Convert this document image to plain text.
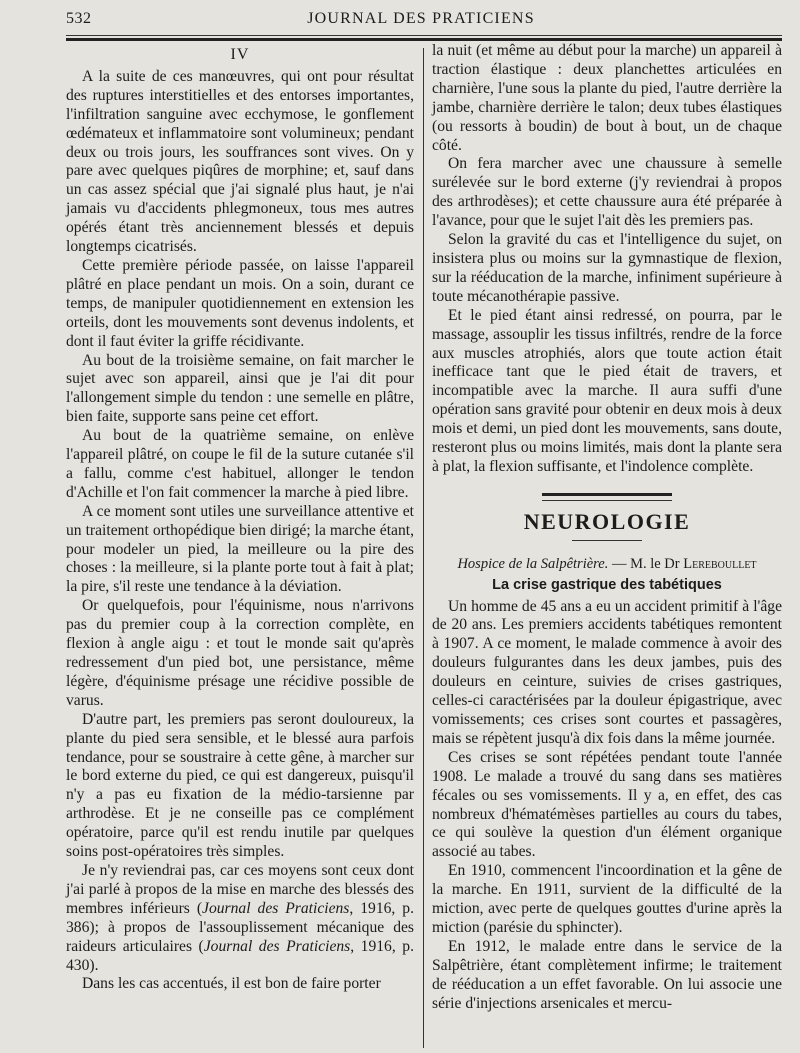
532	JOURNAL DES PRATICIENS
IV

A la suite de ces manœuvres, qui ont pour résultat des ruptures interstitielles et des entorses importantes, l'infiltration sanguine avec ecchymose, le gonflement œdémateux et inflammatoire sont volumineux; pendant deux ou trois jours, les souffrances sont vives. On y pare avec quelques piqûres de morphine; et, sauf dans un cas assez spécial que j'ai signalé plus haut, je n'ai jamais vu d'accidents phlegmoneux, tous mes autres opérés étant très anciennement blessés et depuis longtemps cicatrisés.

Cette première période passée, on laisse l'appareil plâtré en place pendant un mois. On a soin, durant ce temps, de manipuler quotidiennement en extension les orteils, dont les mouvements sont devenus indolents, et dont il faut éviter la griffe récidivante.

Au bout de la troisième semaine, on fait marcher le sujet avec son appareil, ainsi que je l'ai dit pour l'allongement simple du tendon : une semelle en plâtre, bien faite, supporte sans peine cet effort.

Au bout de la quatrième semaine, on enlève l'appareil plâtré, on coupe le fil de la suture cutanée s'il a fallu, comme c'est habituel, allonger le tendon d'Achille et l'on fait commencer la marche à pied libre.

A ce moment sont utiles une surveillance attentive et un traitement orthopédique bien dirigé; la marche étant, pour modeler un pied, la meilleure ou la pire des choses : la meilleure, si la plante porte tout à fait à plat; la pire, s'il reste une tendance à la déviation.

Or quelquefois, pour l'équinisme, nous n'arrivons pas du premier coup à la correction complète, en flexion à angle aigu : et tout le monde sait qu'après redressement d'un pied bot, une persistance, même légère, d'équinisme présage une récidive possible de varus.

D'autre part, les premiers pas seront douloureux, la plante du pied sera sensible, et le blessé aura parfois tendance, pour se soustraire à cette gêne, à marcher sur le bord externe du pied, ce qui est dangereux, puisqu'il n'y a pas eu fixation de la médio-tarsienne par arthrodèse. Et je ne conseille pas ce complément opératoire, parce qu'il est rendu inutile par quelques soins post-opératoires très simples.

Je n'y reviendrai pas, car ces moyens sont ceux dont j'ai parlé à propos de la mise en marche des blessés des membres inférieurs (Journal des Praticiens, 1916, p. 386); à propos de l'assouplissement mécanique des raideurs articulaires (Journal des Praticiens, 1916, p. 430).

Dans les cas accentués, il est bon de faire porter

la nuit (et même au début pour la marche) un appareil à traction élastique : deux planchettes articulées en charnière, l'une sous la plante du pied, l'autre derrière la jambe, charnière derrière le talon; deux tubes élastiques (ou ressorts à boudin) de bout à bout, un de chaque côté.

On fera marcher avec une chaussure à semelle surélevée sur le bord externe (j'y reviendrai à propos des arthrodèses); et cette chaussure aura été préparée à l'avance, pour que le sujet l'ait dès les premiers pas.

Selon la gravité du cas et l'intelligence du sujet, on insistera plus ou moins sur la gymnastique de flexion, sur la rééducation de la marche, infiniment supérieure à toute mécanothérapie passive.

Et le pied étant ainsi redressé, on pourra, par le massage, assouplir les tissus infiltrés, rendre de la force aux muscles atrophiés, alors que toute action était inefficace tant que le pied était de travers, et incompatible avec la marche. Il aura suffi d'une opération sans gravité pour obtenir en deux mois à deux mois et demi, un pied dont les mouvements, sans doute, resteront plus ou moins limités, mais dont la plante sera à plat, la flexion suffisante, et l'indolence complète.

NEUROLOGIE
Hospice de la Salpêtrière. — M. le Dr Lereboullet
La crise gastrique des tabétiques

Un homme de 45 ans a eu un accident primitif à l'âge de 20 ans. Les premiers accidents tabétiques remontent à 1907. A ce moment, le malade commence à avoir des douleurs fulgurantes dans les deux jambes, puis des douleurs en ceinture, suivies de crises gastriques, celles-ci caractérisées par la douleur épigastrique, avec vomissements; ces crises sont courtes et passagères, mais se répètent jusqu'à dix fois dans la même journée.

Ces crises se sont répétées pendant toute l'année 1908. Le malade a trouvé du sang dans ses matières fécales ou ses vomissements. Il y a, en effet, des cas nombreux d'hématémèses partielles au cours du tabes, ce qui soulève la question d'un élément organique associé au tabes.

En 1910, commencent l'incoordination et la gêne de la marche. En 1911, survient de la difficulté de la miction, avec perte de quelques gouttes d'urine après la miction (parésie du sphincter).

En 1912, le malade entre dans le service de la Salpêtrière, étant complètement infirme; le traitement de rééducation a un effet favorable. On lui associe une série d'injections arsenicales et mercu-
